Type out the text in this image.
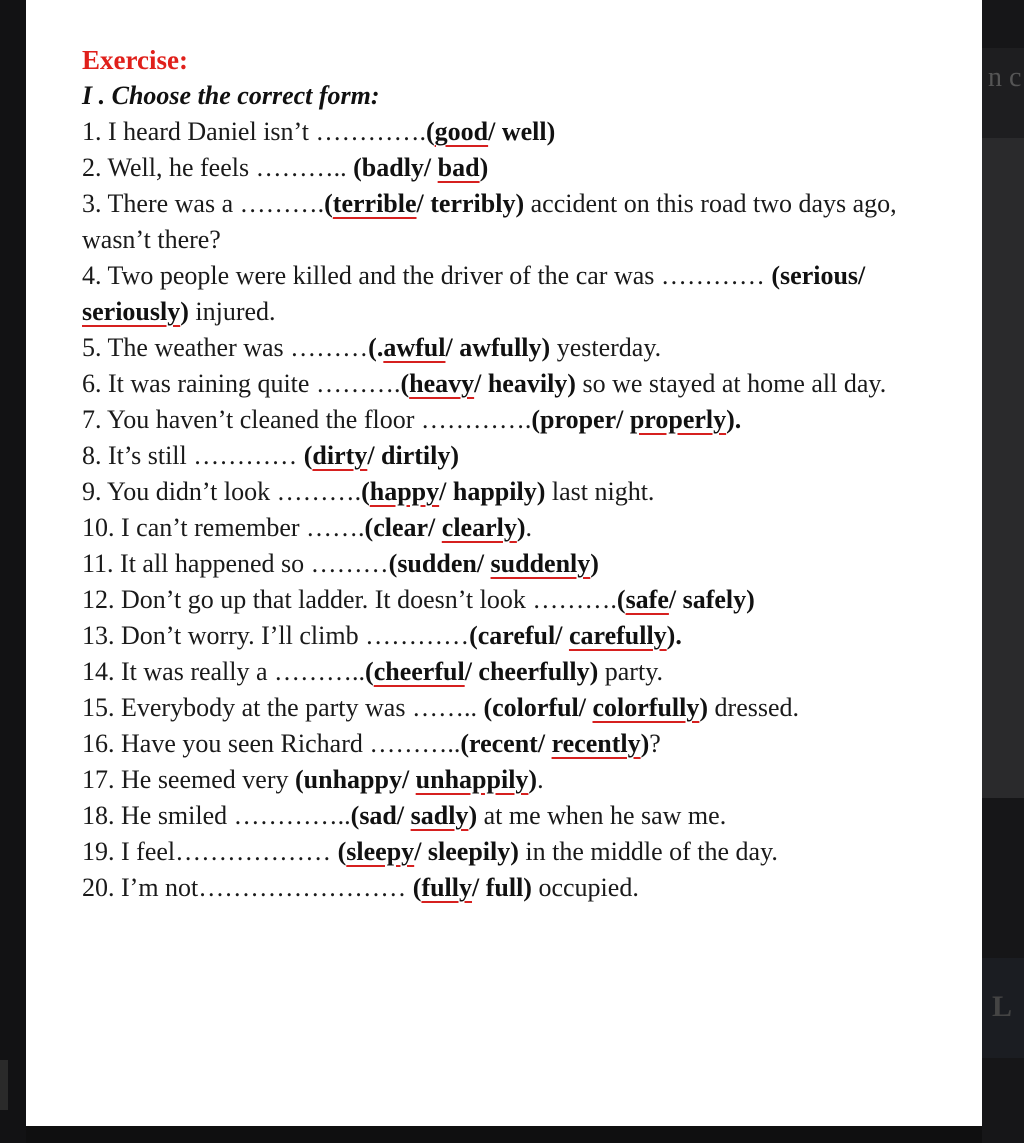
n c
L

Exercise:

I . Choose the correct form:

1. I heard Daniel isn’t ………….(good/ well)

2. Well, he feels ……….. (badly/ bad)

3. There was a ……….(terrible/ terribly) accident on this road two days ago, wasn’t there?

4. Two people were killed and the driver of the car was ………… (serious/ seriously) injured.

5. The weather was ………(.awful/ awfully) yesterday.

6. It was raining quite ……….(heavy/ heavily) so we stayed at home all day.

7. You haven’t cleaned the floor ………….(proper/ properly).

8. It’s still ………… (dirty/ dirtily)

9. You didn’t look ……….(happy/ happily) last night.

10. I can’t remember …….(clear/ clearly).

11. It all happened so ………(sudden/ suddenly)

12. Don’t go up that ladder. It doesn’t look ……….(safe/ safely)

13. Don’t worry. I’ll climb …………(careful/ carefully).

14. It was really a ………..(cheerful/ cheerfully) party.

15. Everybody at the party was …….. (colorful/ colorfully) dressed.

16. Have you seen Richard ………..(recent/ recently)?

17. He seemed very (unhappy/ unhappily).

18. He smiled …………..(sad/ sadly) at me when he saw me.

19. I feel……………… (sleepy/ sleepily) in the middle of the day.

20. I’m not…………………… (fully/ full) occupied.
